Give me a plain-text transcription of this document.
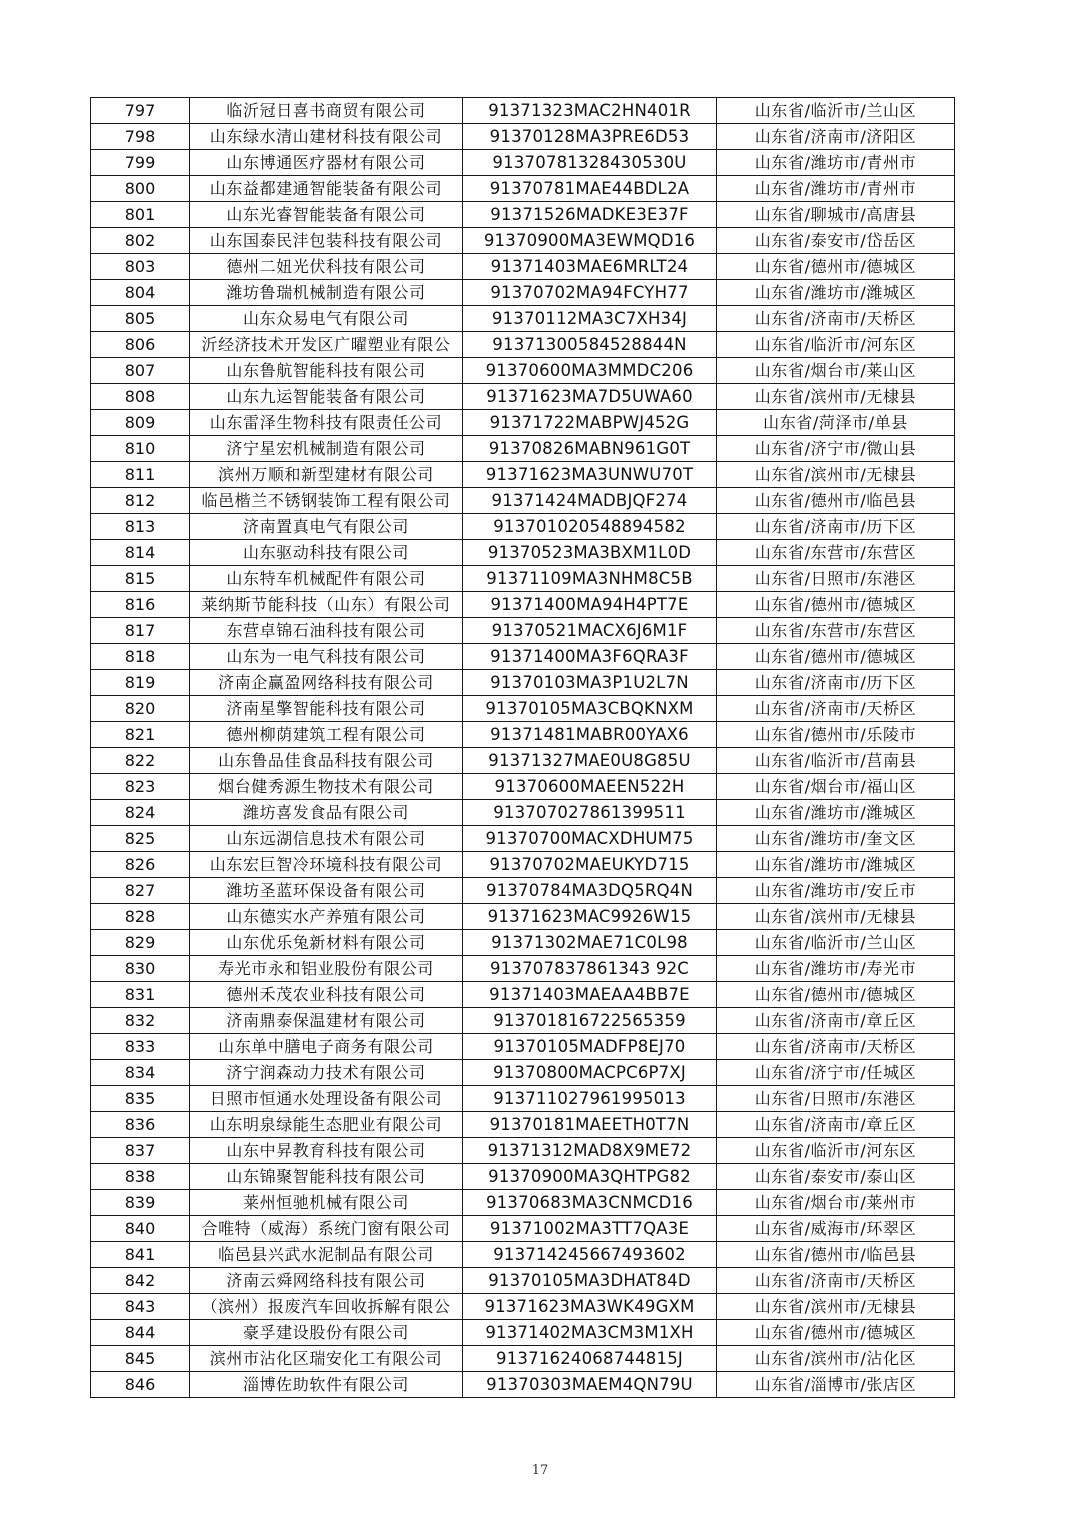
797	临沂冠日喜书商贸有限公司	91371323MAC2HN401R	山东省/临沂市/兰山区
798	山东绿水清山建材科技有限公司	91370128MA3PRE6D53	山东省/济南市/济阳区
799	山东博通医疗器材有限公司	91370781328430530U	山东省/潍坊市/青州市
800	山东益都建通智能装备有限公司	91370781MAE44BDL2A	山东省/潍坊市/青州市
801	山东光睿智能装备有限公司	91371526MADKE3E37F	山东省/聊城市/高唐县
802	山东国泰民沣包装科技有限公司	91370900MA3EWMQD16	山东省/泰安市/岱岳区
803	德州二妞光伏科技有限公司	91371403MAE6MRLT24	山东省/德州市/德城区
804	潍坊鲁瑞机械制造有限公司	91370702MA94FCYH77	山东省/潍坊市/潍城区
805	山东众易电气有限公司	91370112MA3C7XH34J	山东省/济南市/天桥区
806	沂经济技术开发区广曜塑业有限公	91371300584528844N	山东省/临沂市/河东区
807	山东鲁航智能科技有限公司	91370600MA3MMDC206	山东省/烟台市/莱山区
808	山东九运智能装备有限公司	91371623MA7D5UWA60	山东省/滨州市/无棣县
809	山东雷泽生物科技有限责任公司	91371722MABPWJ452G	山东省/菏泽市/单县
810	济宁星宏机械制造有限公司	91370826MABN961G0T	山东省/济宁市/微山县
811	滨州万顺和新型建材有限公司	91371623MA3UNWU70T	山东省/滨州市/无棣县
812	临邑楷兰不锈钢装饰工程有限公司	91371424MADBJQF274	山东省/德州市/临邑县
813	济南置真电气有限公司	913701020548894582	山东省/济南市/历下区
814	山东驱动科技有限公司	91370523MA3BXM1L0D	山东省/东营市/东营区
815	山东特车机械配件有限公司	91371109MA3NHM8C5B	山东省/日照市/东港区
816	莱纳斯节能科技（山东）有限公司	91371400MA94H4PT7E	山东省/德州市/德城区
817	东营卓锦石油科技有限公司	91370521MACX6J6M1F	山东省/东营市/东营区
818	山东为一电气科技有限公司	91371400MA3F6QRA3F	山东省/德州市/德城区
819	济南企赢盈网络科技有限公司	91370103MA3P1U2L7N	山东省/济南市/历下区
820	济南星擎智能科技有限公司	91370105MA3CBQKNXM	山东省/济南市/天桥区
821	德州柳荫建筑工程有限公司	91371481MABR00YAX6	山东省/德州市/乐陵市
822	山东鲁品佳食品科技有限公司	91371327MAE0U8G85U	山东省/临沂市/莒南县
823	烟台健秀源生物技术有限公司	91370600MAEEN522H	山东省/烟台市/福山区
824	潍坊喜发食品有限公司	913707027861399511	山东省/潍坊市/潍城区
825	山东远湖信息技术有限公司	91370700MACXDHUM75	山东省/潍坊市/奎文区
826	山东宏巨智冷环境科技有限公司	91370702MAEUKYD715	山东省/潍坊市/潍城区
827	潍坊圣蓝环保设备有限公司	91370784MA3DQ5RQ4N	山东省/潍坊市/安丘市
828	山东德实水产养殖有限公司	91371623MAC9926W15	山东省/滨州市/无棣县
829	山东优乐兔新材料有限公司	91371302MAE71C0L98	山东省/临沂市/兰山区
830	寿光市永和铝业股份有限公司	913707837861343 92C	山东省/潍坊市/寿光市
831	德州禾茂农业科技有限公司	91371403MAEAA4BB7E	山东省/德州市/德城区
832	济南鼎泰保温建材有限公司	913701816722565359	山东省/济南市/章丘区
833	山东单中膳电子商务有限公司	91370105MADFP8EJ70	山东省/济南市/天桥区
834	济宁润森动力技术有限公司	91370800MACPC6P7XJ	山东省/济宁市/任城区
835	日照市恒通水处理设备有限公司	913711027961995013	山东省/日照市/东港区
836	山东明泉绿能生态肥业有限公司	91370181MAEETH0T7N	山东省/济南市/章丘区
837	山东中昇教育科技有限公司	91371312MAD8X9ME72	山东省/临沂市/河东区
838	山东锦聚智能科技有限公司	91370900MA3QHTPG82	山东省/泰安市/泰山区
839	莱州恒驰机械有限公司	91370683MA3CNMCD16	山东省/烟台市/莱州市
840	合唯特（威海）系统门窗有限公司	91371002MA3TT7QA3E	山东省/威海市/环翠区
841	临邑县兴武水泥制品有限公司	913714245667493602	山东省/德州市/临邑县
842	济南云舜网络科技有限公司	91370105MA3DHAT84D	山东省/济南市/天桥区
843	（滨州）报废汽车回收拆解有限公	91371623MA3WK49GXM	山东省/滨州市/无棣县
844	豪孚建设股份有限公司	91371402MA3CM3M1XH	山东省/德州市/德城区
845	滨州市沾化区瑞安化工有限公司	91371624068744815J	山东省/滨州市/沾化区
846	淄博佐助软件有限公司	91370303MAEM4QN79U	山东省/淄博市/张店区
17
